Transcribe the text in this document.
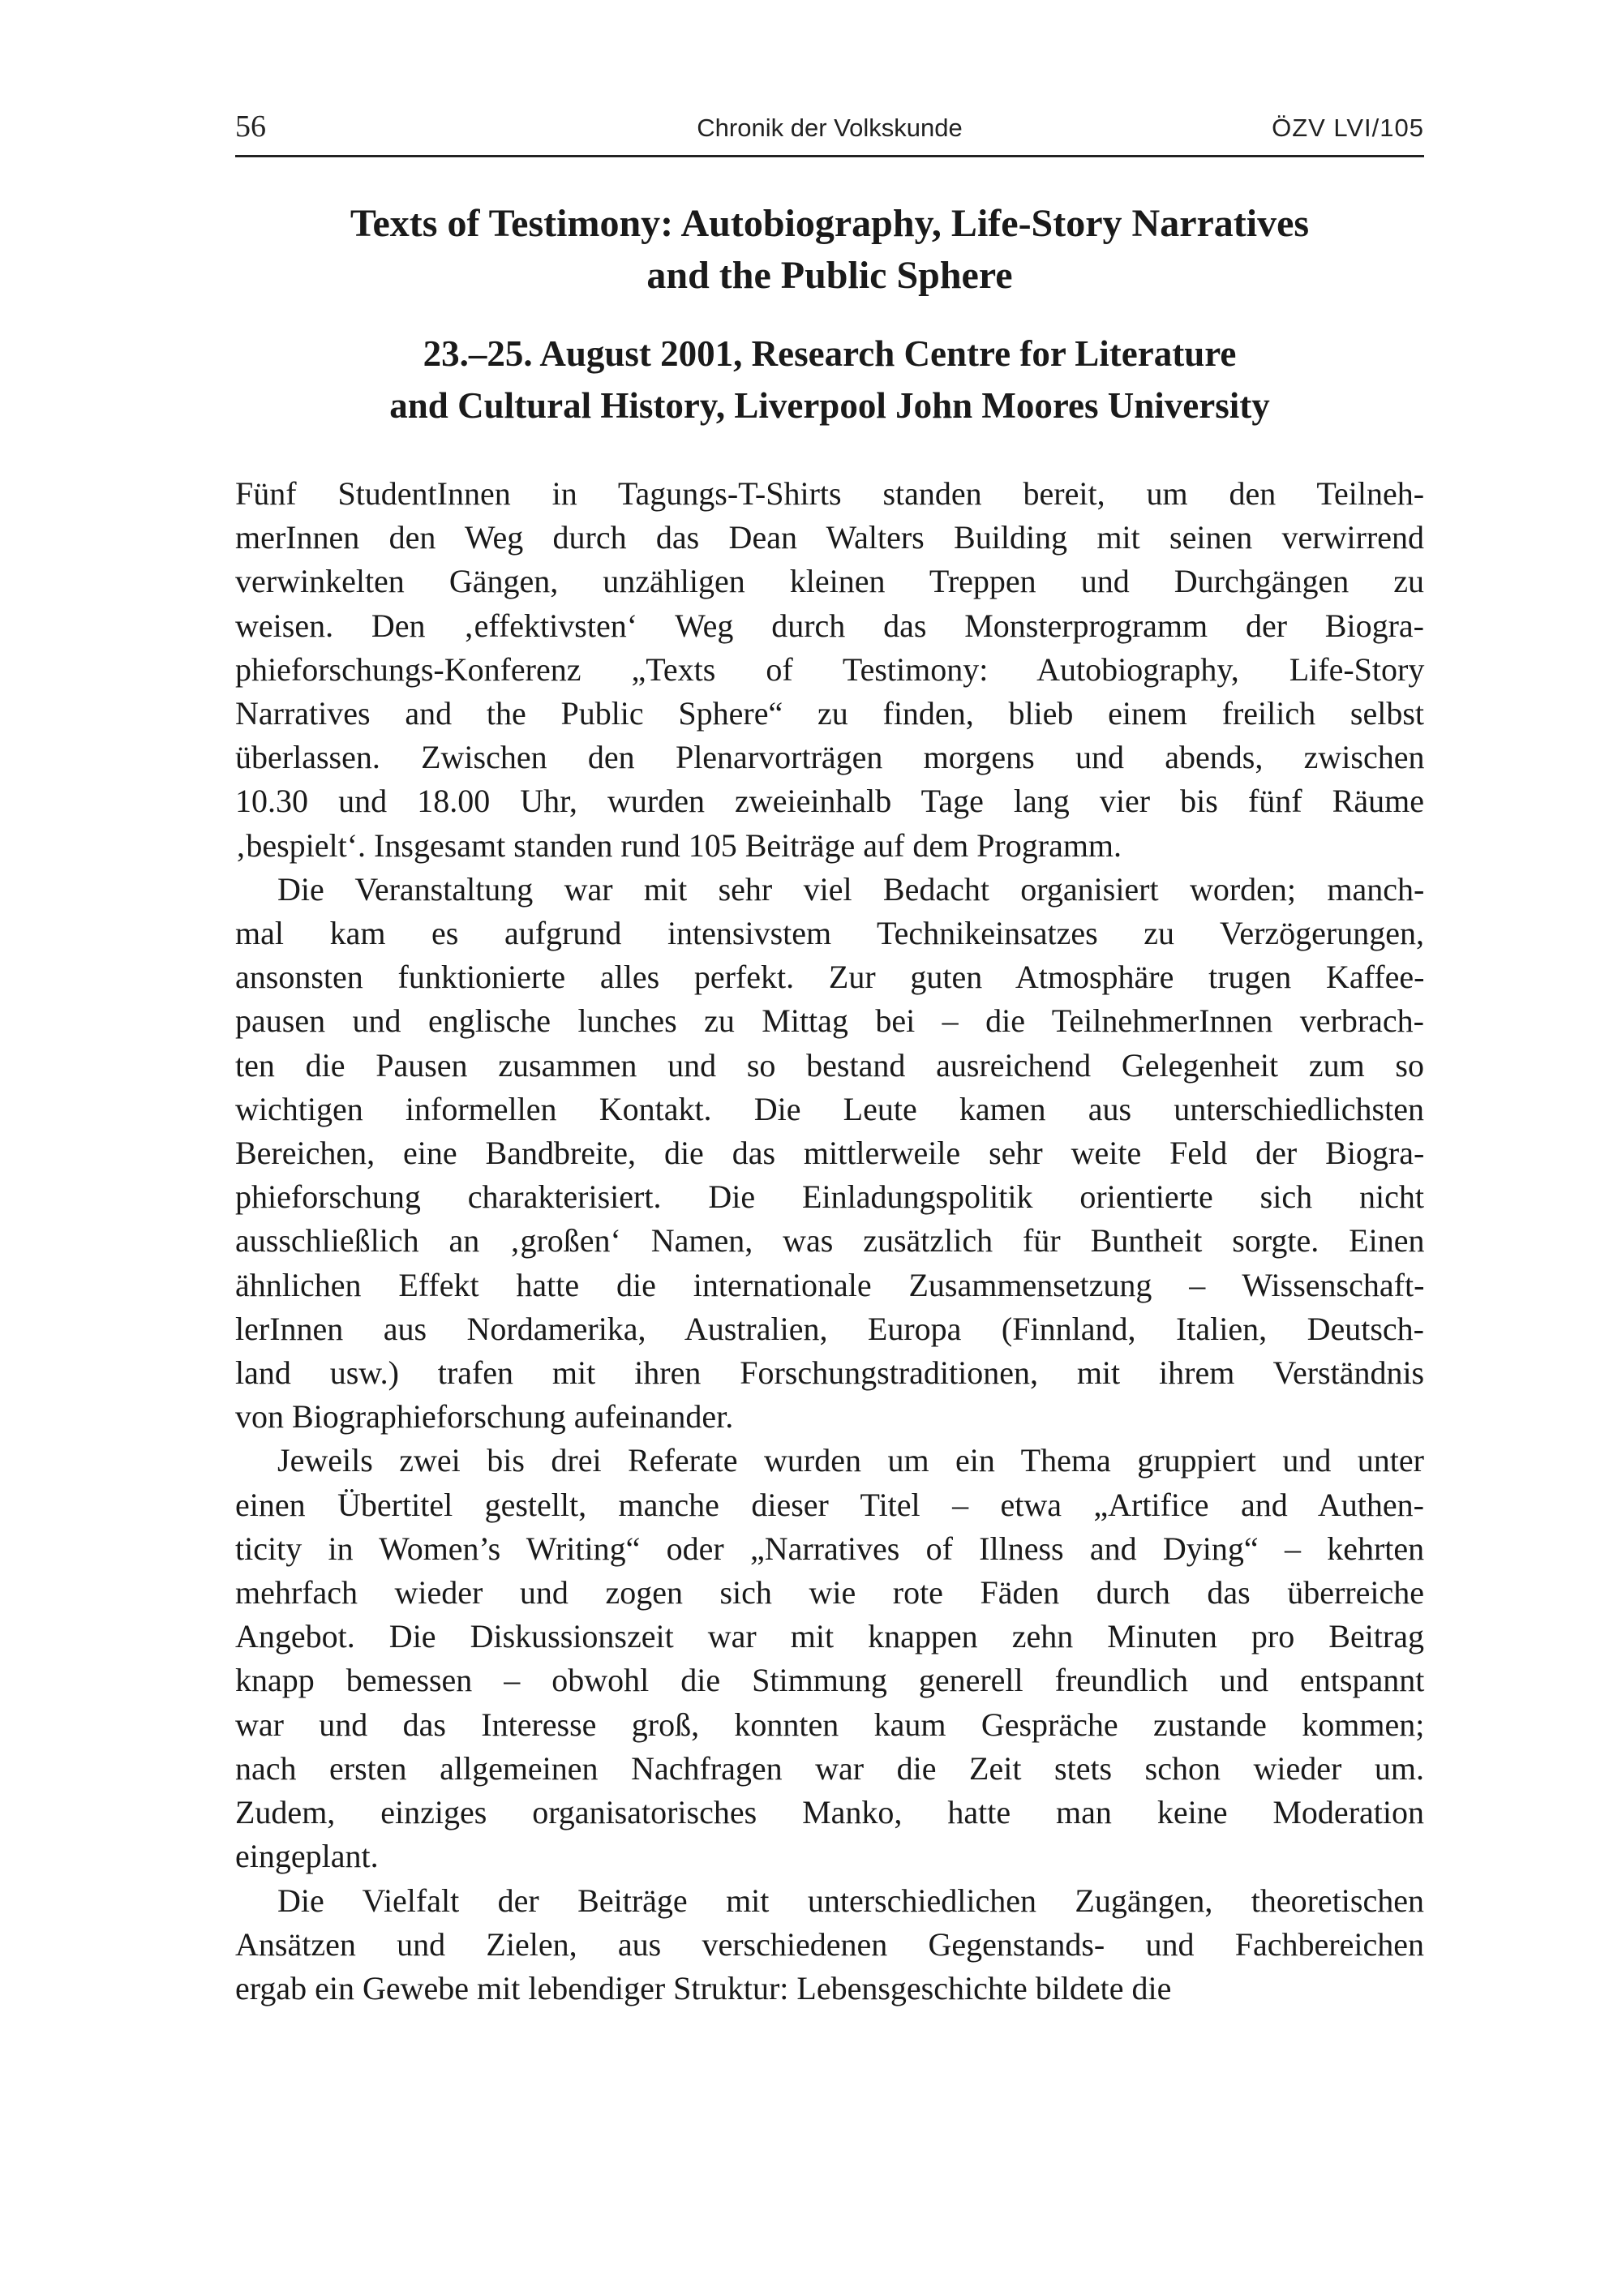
56	Chronik der Volkskunde	ÖZV LVI/105
Texts of Testimony: Autobiography, Life-Story Narratives
and the Public Sphere
23.–25. August 2001, Research Centre for Literature
and Cultural History, Liverpool John Moores University

Fünf StudentInnen in Tagungs-T-Shirts standen bereit, um den Teilneh-
merInnen den Weg durch das Dean Walters Building mit seinen verwirrend
verwinkelten Gängen, unzähligen kleinen Treppen und Durchgängen zu
weisen. Den ‚effektivsten‘ Weg durch das Monsterprogramm der Biogra-
phieforschungs-Konferenz „Texts of Testimony: Autobiography, Life-Story
Narratives and the Public Sphere“ zu finden, blieb einem freilich selbst
überlassen. Zwischen den Plenarvorträgen morgens und abends, zwischen
10.30 und 18.00 Uhr, wurden zweieinhalb Tage lang vier bis fünf Räume
‚bespielt‘. Insgesamt standen rund 105 Beiträge auf dem Programm.

Die Veranstaltung war mit sehr viel Bedacht organisiert worden; manch-
mal kam es aufgrund intensivstem Technikeinsatzes zu Verzögerungen,
ansonsten funktionierte alles perfekt. Zur guten Atmosphäre trugen Kaffee-
pausen und englische lunches zu Mittag bei – die TeilnehmerInnen verbrach-
ten die Pausen zusammen und so bestand ausreichend Gelegenheit zum so
wichtigen informellen Kontakt. Die Leute kamen aus unterschiedlichsten
Bereichen, eine Bandbreite, die das mittlerweile sehr weite Feld der Biogra-
phieforschung charakterisiert. Die Einladungspolitik orientierte sich nicht
ausschließlich an ‚großen‘ Namen, was zusätzlich für Buntheit sorgte. Einen
ähnlichen Effekt hatte die internationale Zusammensetzung – Wissenschaft-
lerInnen aus Nordamerika, Australien, Europa (Finnland, Italien, Deutsch-
land usw.) trafen mit ihren Forschungstraditionen, mit ihrem Verständnis
von Biographieforschung aufeinander.

Jeweils zwei bis drei Referate wurden um ein Thema gruppiert und unter
einen Übertitel gestellt, manche dieser Titel – etwa „Artifice and Authen-
ticity in Women’s Writing“ oder „Narratives of Illness and Dying“ – kehrten
mehrfach wieder und zogen sich wie rote Fäden durch das überreiche
Angebot. Die Diskussionszeit war mit knappen zehn Minuten pro Beitrag
knapp bemessen – obwohl die Stimmung generell freundlich und entspannt
war und das Interesse groß, konnten kaum Gespräche zustande kommen;
nach ersten allgemeinen Nachfragen war die Zeit stets schon wieder um.
Zudem, einziges organisatorisches Manko, hatte man keine Moderation
eingeplant.

Die Vielfalt der Beiträge mit unterschiedlichen Zugängen, theoretischen
Ansätzen und Zielen, aus verschiedenen Gegenstands- und Fachbereichen
ergab ein Gewebe mit lebendiger Struktur: Lebensgeschichte bildete die
